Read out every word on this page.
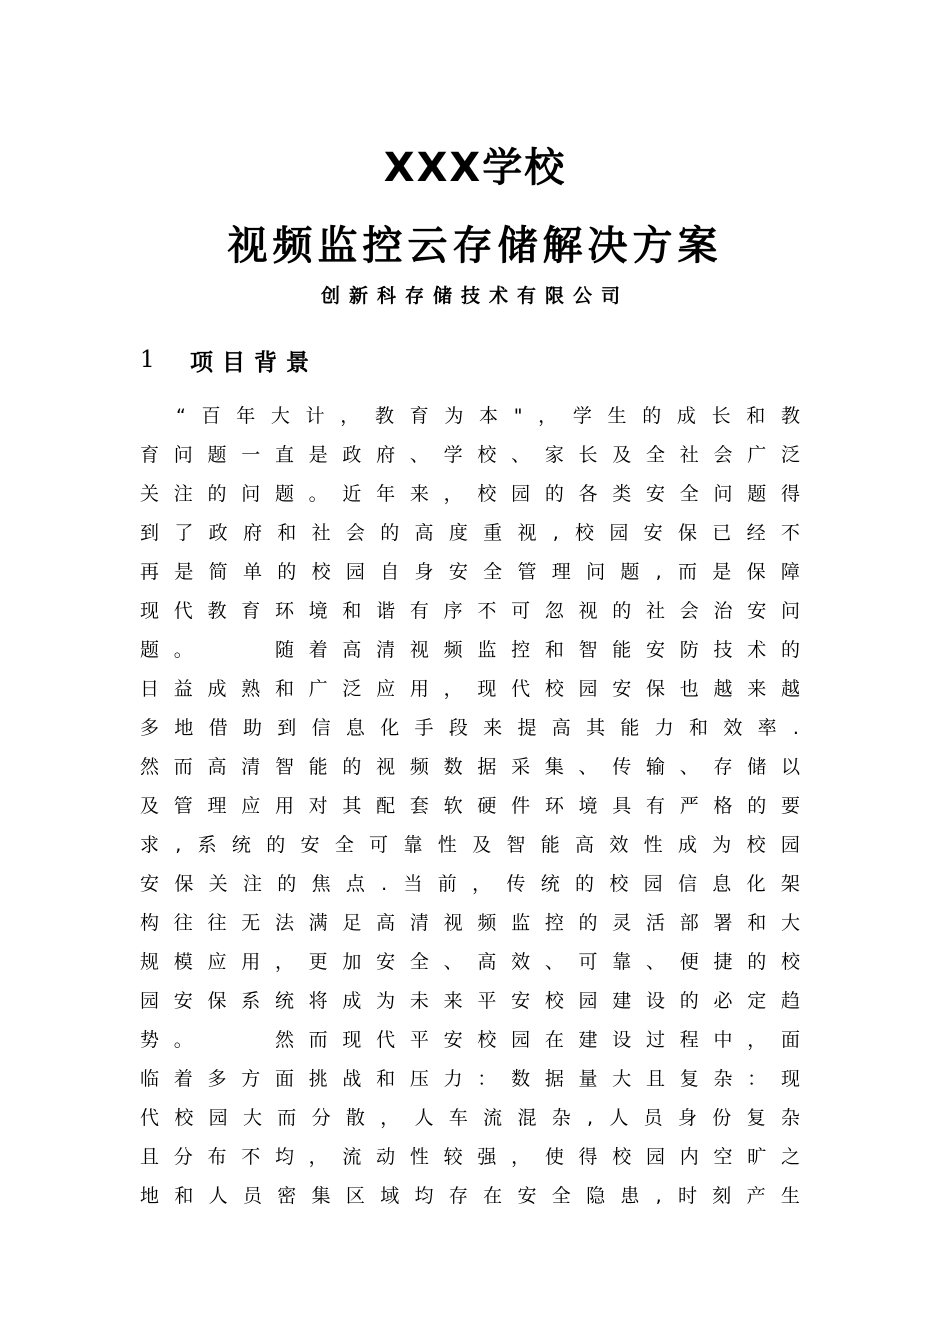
XXX学校
视频监控云存储解决方案
创新科存储技术有限公司
1	项目背景
“ 百 年 大 计 ， 教 育 为 本 " ， 学 生 的 成 长 和 教
育 问 题 一 直 是 政 府 、 学 校 、 家 长 及 全 社 会 广 泛
关 注 的 问 题 。 近 年 来 ， 校 园 的 各 类 安 全 问 题 得
到 了 政 府 和 社 会 的 高 度 重 视 , 校 园 安 保 已 经 不
再 是 简 单 的 校 园 自 身 安 全 管 理 问 题 , 而 是 保 障
现 代 教 育 环 境 和 谐 有 序 不 可 忽 视 的 社 会 治 安 问
题 。

　	随 着 高 清 视 频 监 控 和 智 能 安 防 技 术 的
日 益 成 熟 和 广 泛 应 用 ， 现 代 校 园 安 保 也 越 来 越
多 地 借 助 到 信 息 化 手 段 来 提 高 其 能 力 和 效 率 .
然 而 高 清 智 能 的 视 频 数 据 采 集 、 传 输 、 存 储 以
及 管 理 应 用 对 其 配 套 软 硬 件 环 境 具 有 严 格 的 要
求 , 系 统 的 安 全 可 靠 性 及 智 能 高 效 性 成 为 校 园
安 保 关 注 的 焦 点 . 当 前 ， 传 统 的 校 园 信 息 化 架
构 往 往 无 法 满 足 高 清 视 频 监 控 的 灵 活 部 署 和 大
规 模 应 用 ， 更 加 安 全 、 高 效 、 可 靠 、 便 捷 的 校
园 安 保 系 统 将 成 为 未 来 平 安 校 园 建 设 的 必 定 趋
势 。

　	然 而 现 代 平 安 校 园 在 建 设 过 程 中 ， 面
临 着 多 方 面 挑 战 和 压 力 ： 数 据 量 大 且 复 杂 ： 现
代 校 园 大 而 分 散 ， 人 车 流 混 杂 , 人 员 身 份 复 杂
且 分 布 不 均 ， 流 动 性 较 强 ， 使 得 校 园 内 空 旷 之
地 和 人 员 密 集 区 域 均 存 在 安 全 隐 患 , 时 刻 产 生
